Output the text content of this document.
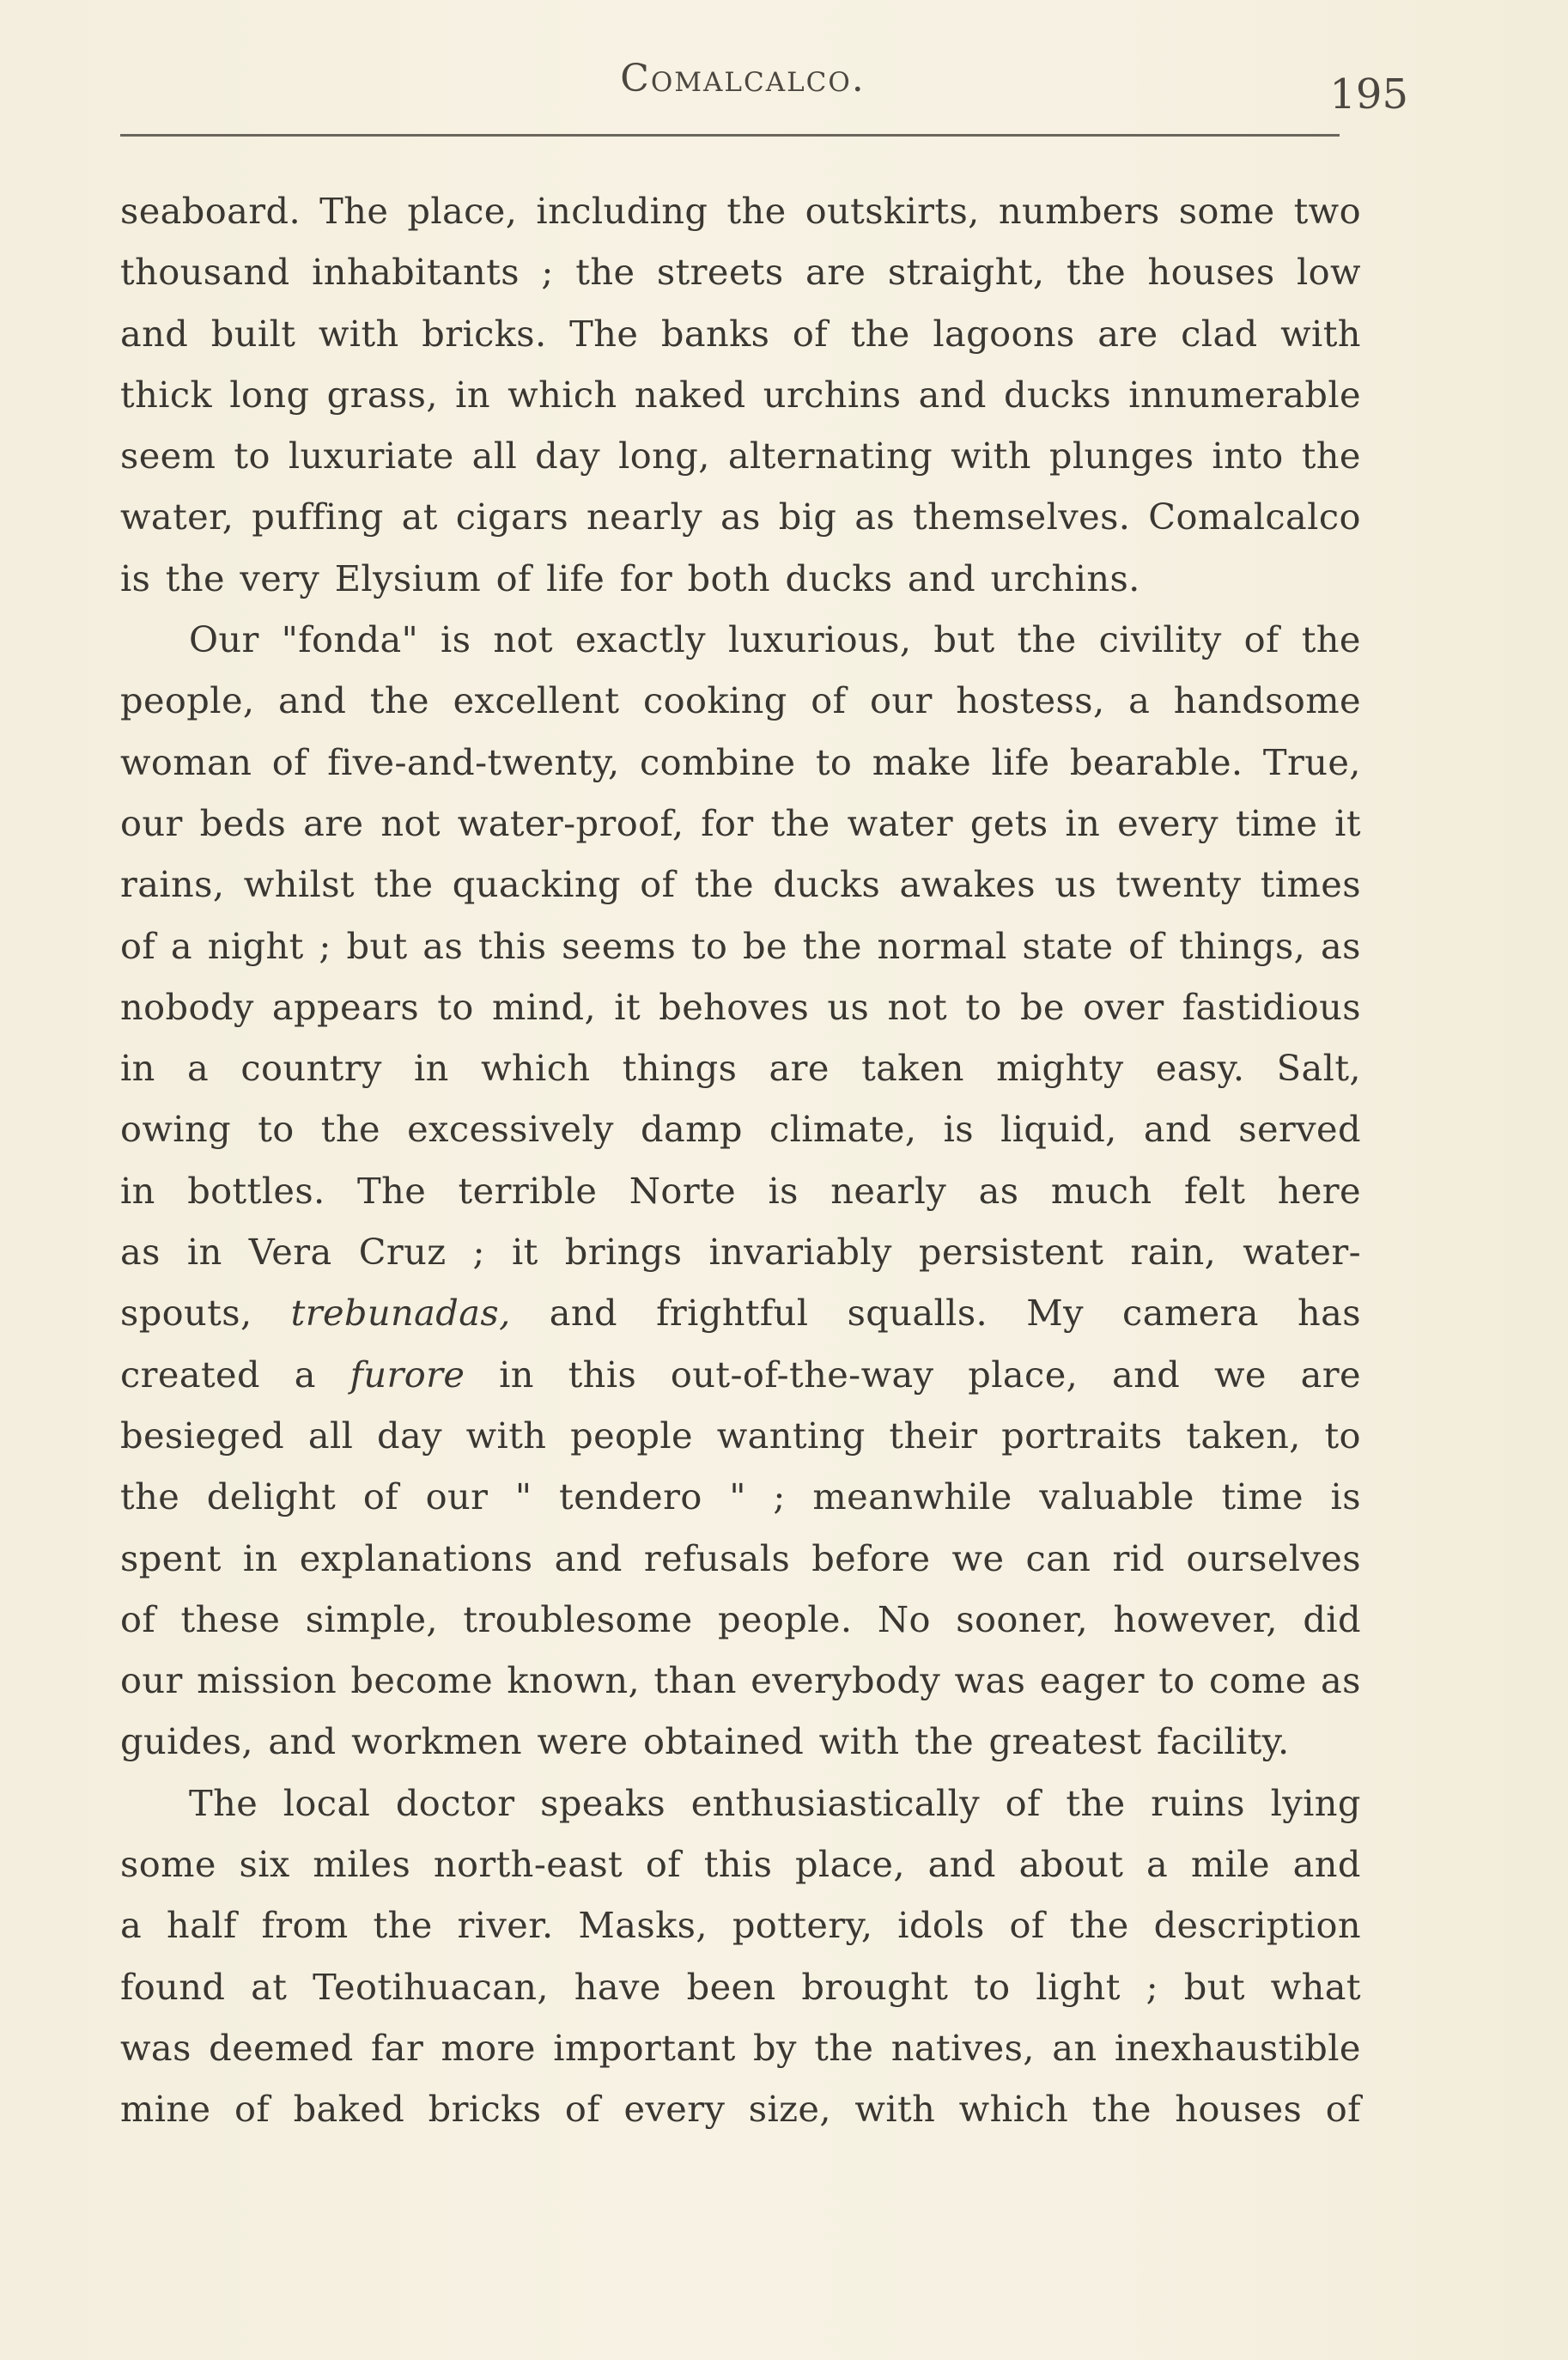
Comalcalco.	195
seaboard. The place, including the outskirts, numbers some two
thousand inhabitants ; the streets are straight, the houses low
and built with bricks. The banks of the lagoons are clad with
thick long grass, in which naked urchins and ducks innumerable
seem to luxuriate all day long, alternating with plunges into the
water, puffing at cigars nearly as big as themselves. Comalcalco
is the very Elysium of life for both ducks and urchins.
Our "fonda" is not exactly luxurious, but the civility of the
people, and the excellent cooking of our hostess, a handsome
woman of five-and-twenty, combine to make life bearable. True,
our beds are not water-proof, for the water gets in every time it
rains, whilst the quacking of the ducks awakes us twenty times
of a night ; but as this seems to be the normal state of things, as
nobody appears to mind, it behoves us not to be over fastidious
in a country in which things are taken mighty easy. Salt,
owing to the excessively damp climate, is liquid, and served
in bottles. The terrible Norte is nearly as much felt here
as in Vera Cruz ; it brings invariably persistent rain, water-
spouts, trebunadas, and frightful squalls. My camera has
created a furore in this out-of-the-way place, and we are
besieged all day with people wanting their portraits taken, to
the delight of our " tendero " ; meanwhile valuable time is
spent in explanations and refusals before we can rid ourselves
of these simple, troublesome people. No sooner, however, did
our mission become known, than everybody was eager to come as
guides, and workmen were obtained with the greatest facility.
The local doctor speaks enthusiastically of the ruins lying
some six miles north-east of this place, and about a mile and
a half from the river. Masks, pottery, idols of the description
found at Teotihuacan, have been brought to light ; but what
was deemed far more important by the natives, an inexhaustible
mine of baked bricks of every size, with which the houses of
